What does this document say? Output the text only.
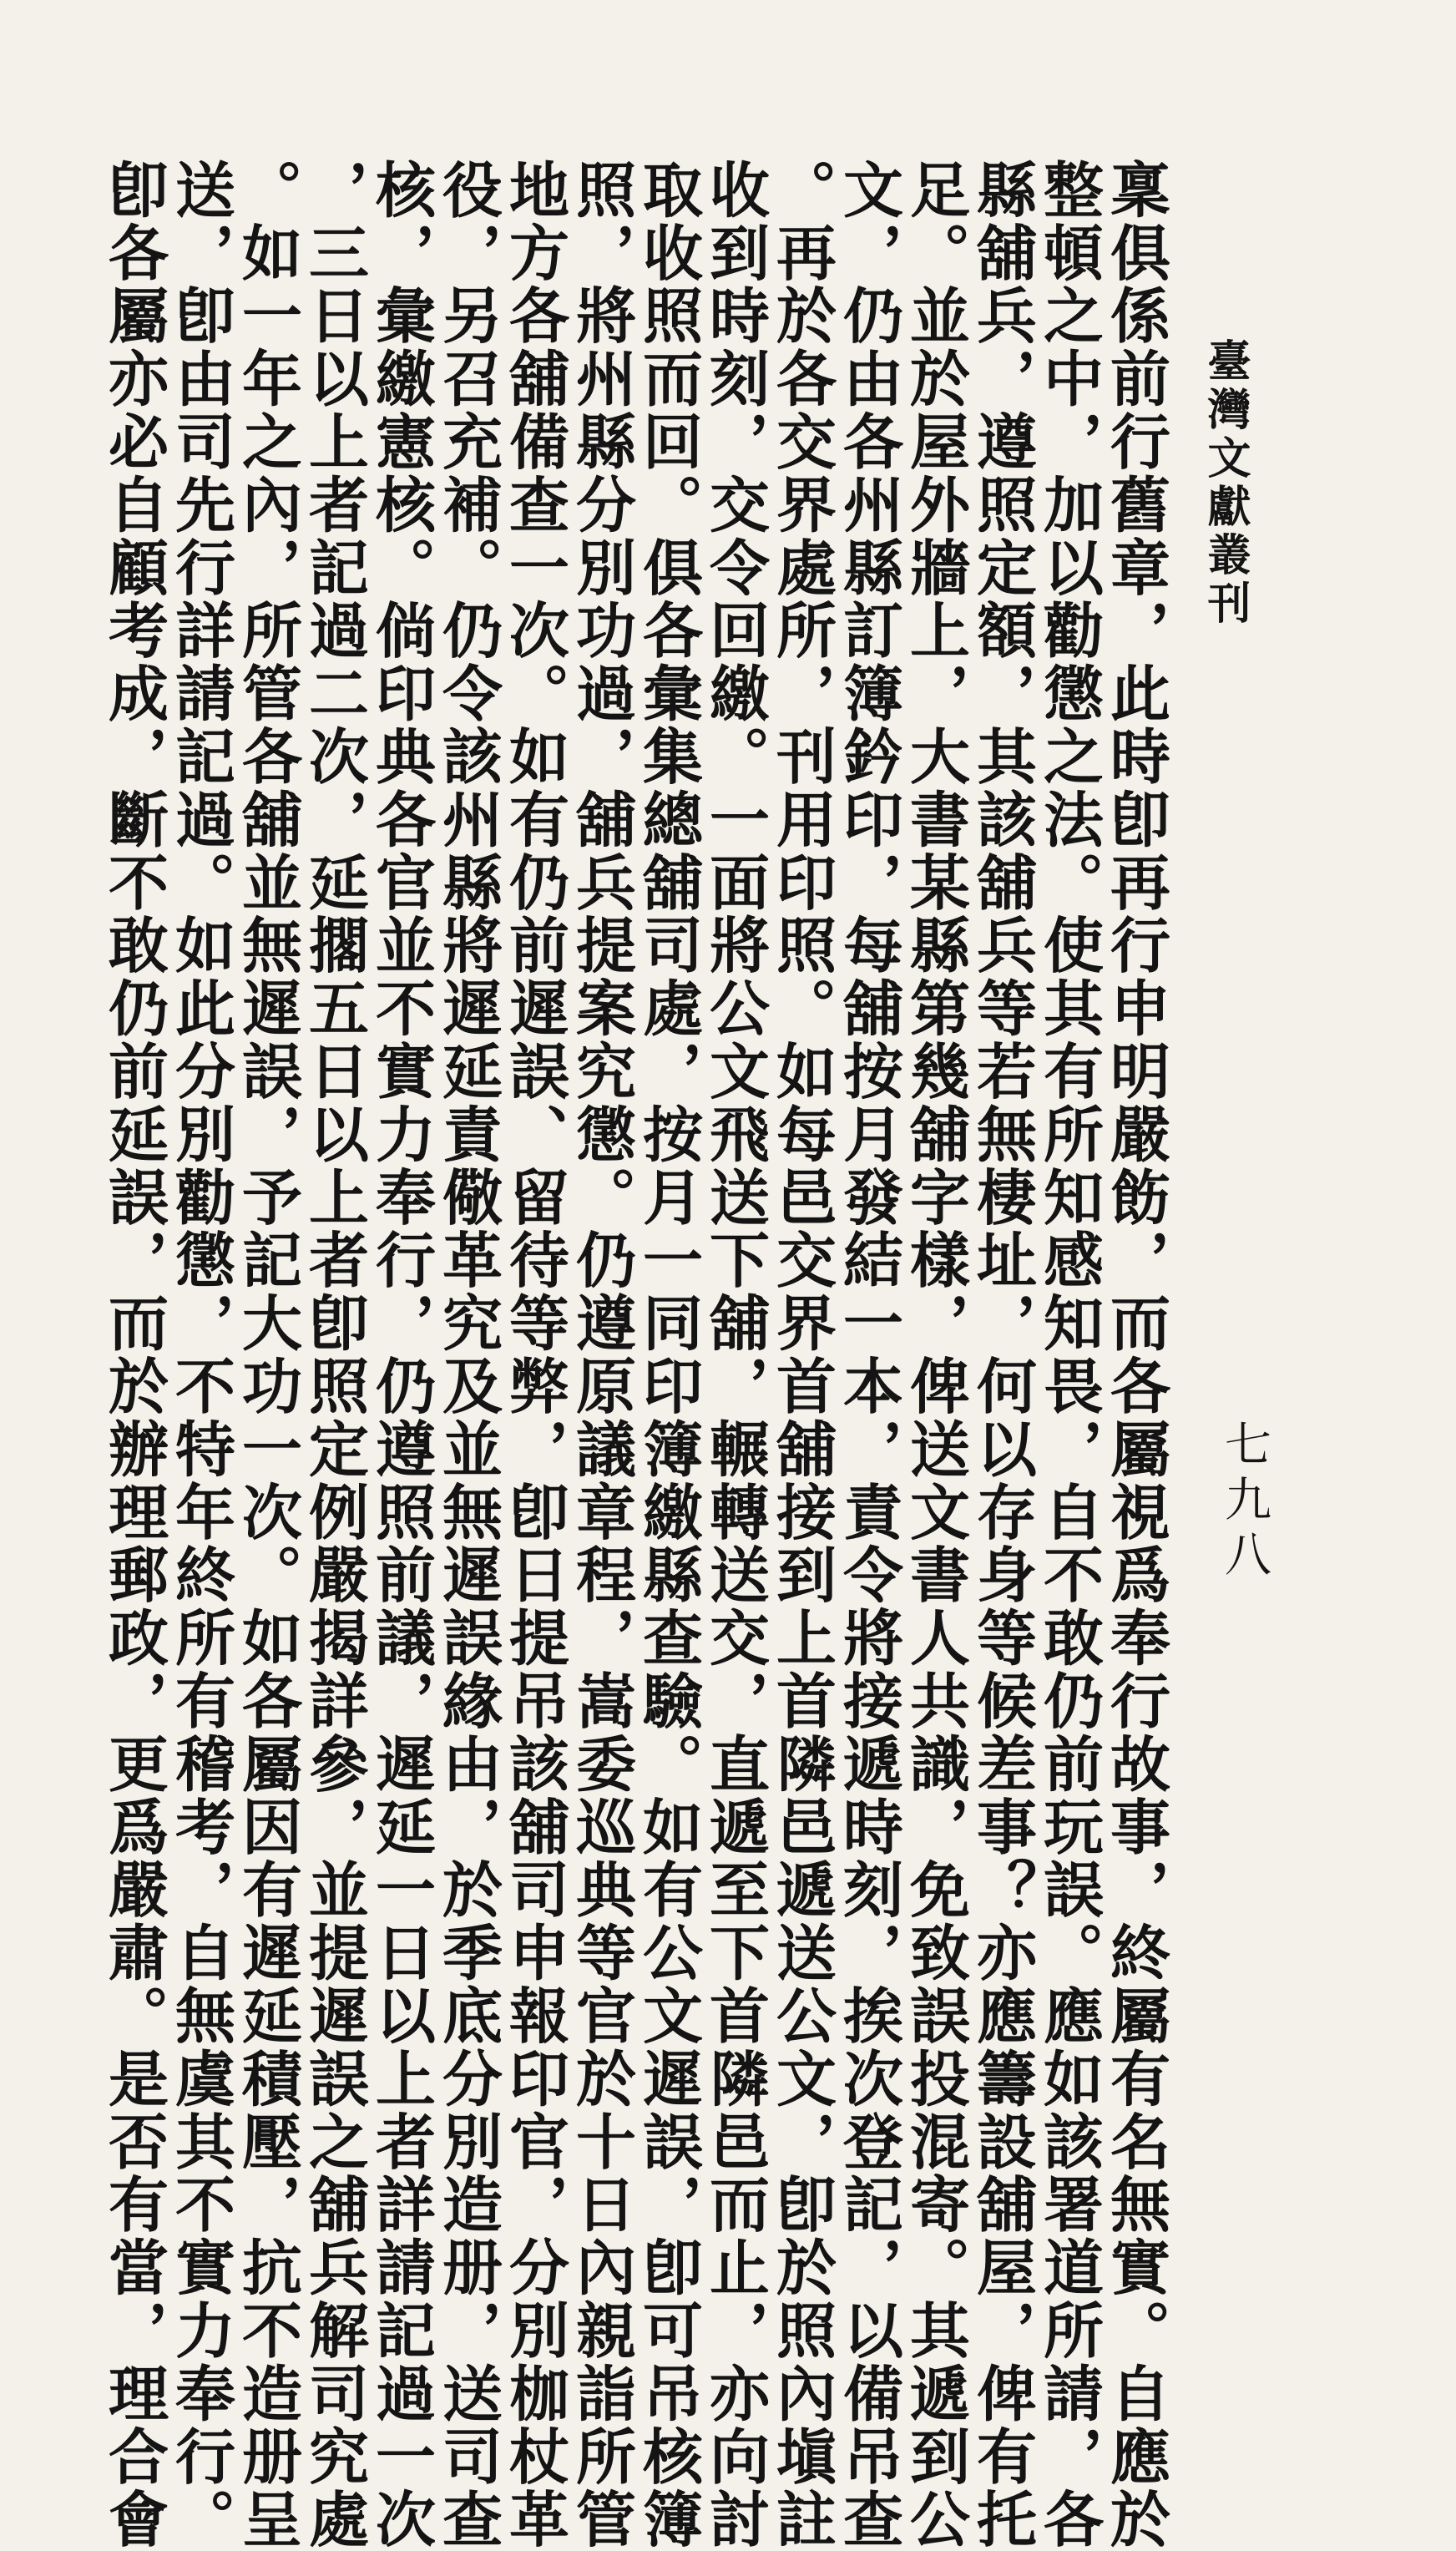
臺灣文獻叢刊
七九八
稟俱係前行舊章，此時卽再行申明嚴飭，而各屬視爲奉行故事，終屬有名無實。自應於
整頓之中，加以勸懲之法。使其有所知感知畏，自不敢仍前玩誤。應如該署道所請，各
縣舖兵，遵照定額，其該舖兵等若無棲址，何以存身等候差事？亦應籌設舖屋，俾有托
足。並於屋外牆上，大書某縣第幾舖字樣，俾送文書人共識，免致誤投混寄。其遞到公
文，仍由各州縣訂簿鈐印，每舖按月發結一本，責令將接遞時刻，挨次登記，以備吊查
。再於各交界處所，刊用印照。如每邑交界首舖接到上首隣邑遞送公文，卽於照內塡註
收到時刻，交令回繳。一面將公文飛送下舖，輾轉送交，直遞至下首隣邑而止，亦向討
取收照而回。俱各彙集總舖司處，按月一同印簿繳縣查驗。如有公文遲誤，卽可吊核簿
照，將州縣分別功過，舖兵提案究懲。仍遵原議章程，嵩委巡典等官於十日內親詣所管
地方各舖備查一次。如有仍前遲誤、留待等弊，卽日提吊該舖司申報印官，分別枷杖革
役，另召充補。仍令該州縣將遲延責儆革究及並無遲誤緣由，於季底分別造册，送司查
核，彙繳憲核。倘印典各官並不實力奉行，仍遵照前議，遲延一日以上者詳請記過一次
，三日以上者記過二次，延擱五日以上者卽照定例嚴揭詳參，並提遲誤之舖兵解司究處
。如一年之內，所管各舖並無遲誤，予記大功一次。如各屬因有遲延積壓，抗不造册呈
送，卽由司先行詳請記過。如此分別勸懲，不特年終所有稽考，自無虞其不實力奉行。
卽各屬亦必自顧考成，斷不敢仍前延誤，而於辦理郵政，更爲嚴肅。是否有當，理合會
